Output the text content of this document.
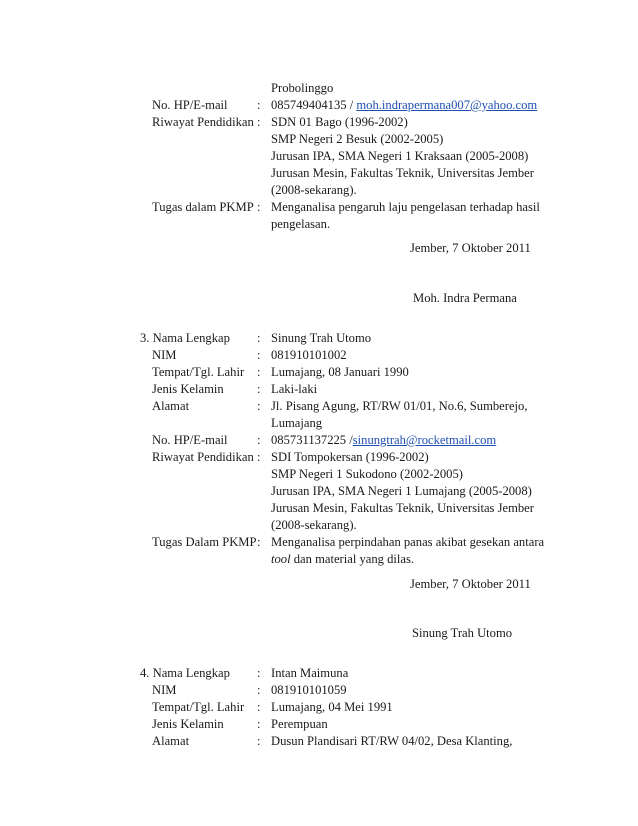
Probolinggo
No. HP/E-mail : 085749404135 / moh.indrapermana007@yahoo.com
Riwayat Pendidikan : SDN 01 Bago (1996-2002)
SMP Negeri 2 Besuk (2002-2005)
Jurusan IPA, SMA Negeri 1 Kraksaan (2005-2008)
Jurusan Mesin, Fakultas Teknik, Universitas Jember
(2008-sekarang).
Tugas dalam PKMP : Menganalisa pengaruh laju pengelasan terhadap hasil
pengelasan.
Jember, 7 Oktober 2011
Moh. Indra Permana
3. Nama Lengkap : Sinung Trah Utomo
NIM	: 081910101002
Tempat/Tgl. Lahir : Lumajang, 08 Januari 1990
Jenis Kelamin	: Laki-laki
Alamat	: Jl. Pisang Agung, RT/RW 01/01, No.6, Sumberejo,
Lumajang
No. HP/E-mail : 085731137225 /sinungtrah@rocketmail.com
Riwayat Pendidikan : SDI Tompokersan (1996-2002)
SMP Negeri 1 Sukodono (2002-2005)
Jurusan IPA, SMA Negeri 1 Lumajang (2005-2008)
Jurusan Mesin, Fakultas Teknik, Universitas Jember
(2008-sekarang).
Tugas Dalam PKMP : Menganalisa perpindahan panas akibat gesekan antara
tool dan material yang dilas.
Jember, 7 Oktober 2011
Sinung Trah Utomo
4. Nama Lengkap : Intan Maimuna
NIM	: 081910101059
Tempat/Tgl. Lahir : Lumajang, 04 Mei 1991
Jenis Kelamin	: Perempuan
Alamat	: Dusun Plandisari RT/RW 04/02, Desa Klanting,
